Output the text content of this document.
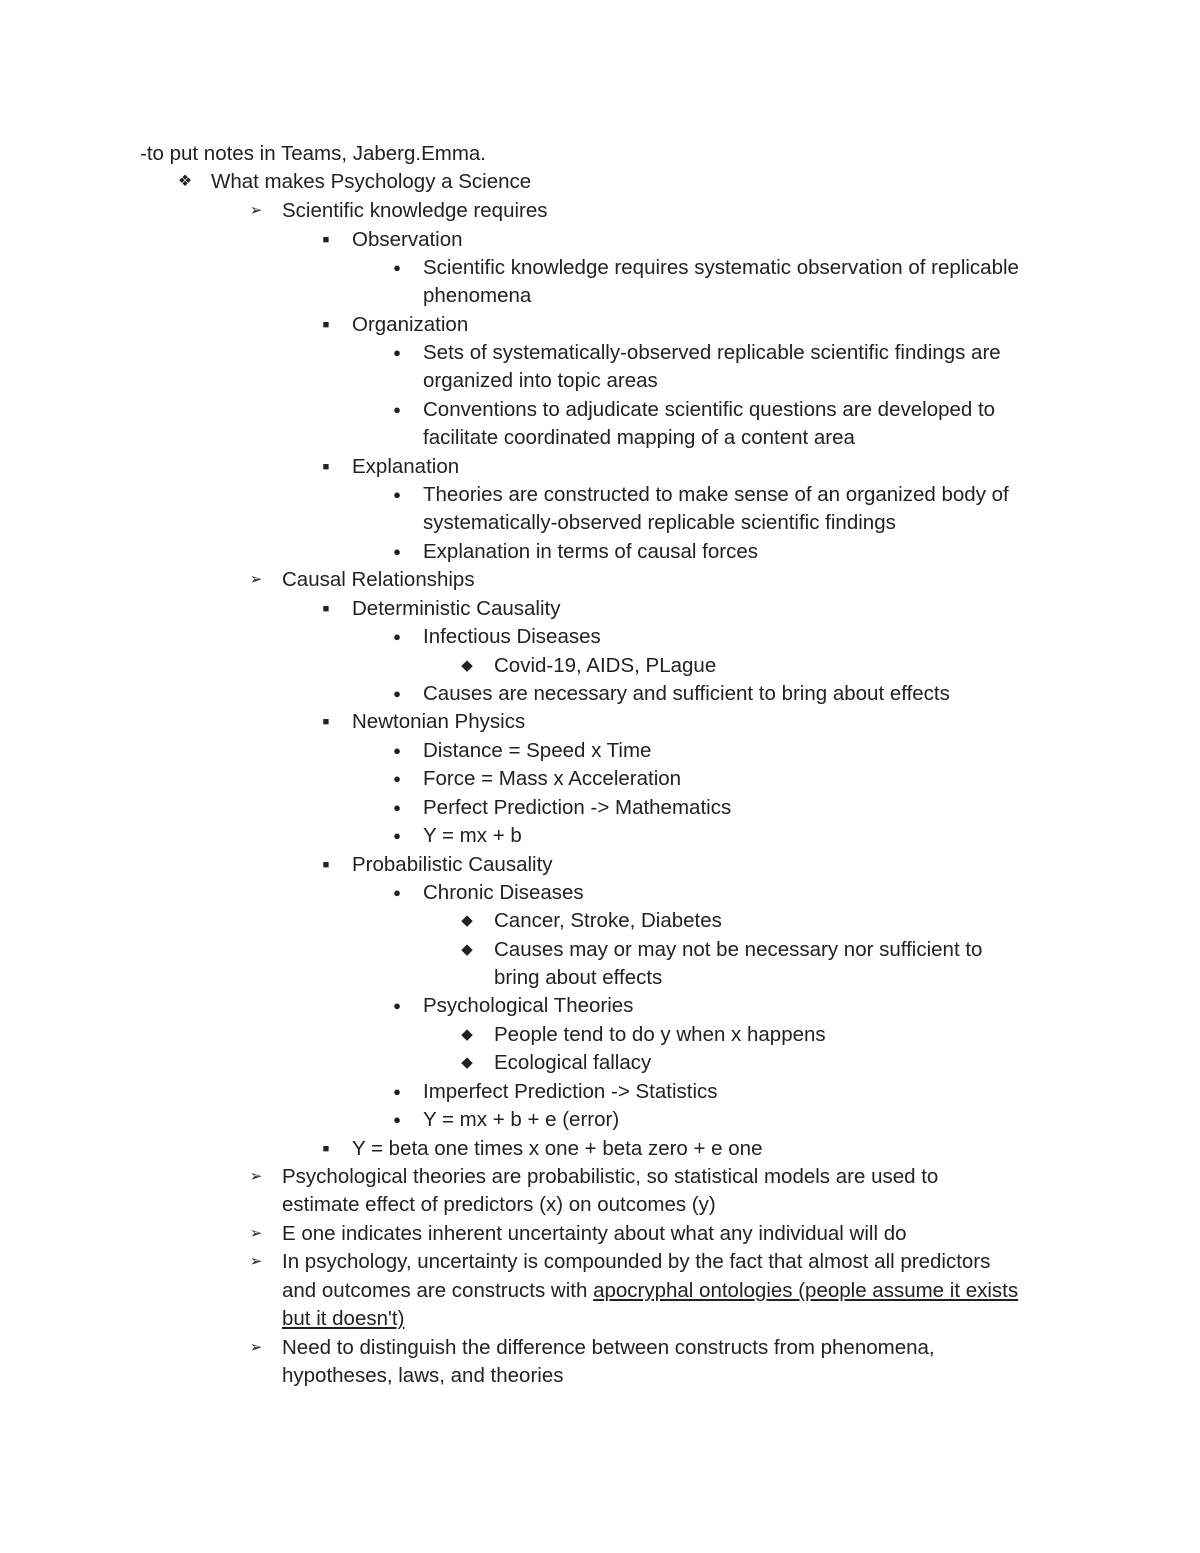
-to put notes in Teams, Jaberg.Emma.
❖ What makes Psychology a Science
➢ Scientific knowledge requires
■	Observation
●	Scientific knowledge requires systematic observation of replicable
phenomena
■	Organization
●	Sets of systematically-observed replicable scientific findings are
organized into topic areas
●	Conventions to adjudicate scientific questions are developed to
facilitate coordinated mapping of a content area
■	Explanation
●	Theories are constructed to make sense of an organized body of
systematically-observed replicable scientific findings
●	Explanation in terms of causal forces
➢ Causal Relationships
■	Deterministic Causality
●	Infectious Diseases
◆	Covid-19, AIDS, PLague
●	Causes are necessary and sufficient to bring about effects
■	Newtonian Physics
●	Distance = Speed x Time
●	Force = Mass x Acceleration
●	Perfect Prediction -> Mathematics
●	Y = mx + b
■	Probabilistic Causality
●	Chronic Diseases
◆	Cancer, Stroke, Diabetes
◆	Causes may or may not be necessary nor sufficient to
bring about effects
●	Psychological Theories
◆	People tend to do y when x happens
◆	Ecological fallacy
●	Imperfect Prediction -> Statistics
●	Y = mx + b + e (error)
■	Y = beta one times x one + beta zero + e one
➢ Psychological theories are probabilistic, so statistical models are used to
estimate effect of predictors (x) on outcomes (y)
➢ E one indicates inherent uncertainty about what any individual will do
➢ In psychology, uncertainty is compounded by the fact that almost all predictors
and outcomes are constructs with apocryphal ontologies (people assume it exists
but it doesn't)
➢ Need to distinguish the difference between constructs from phenomena,
hypotheses, laws, and theories
